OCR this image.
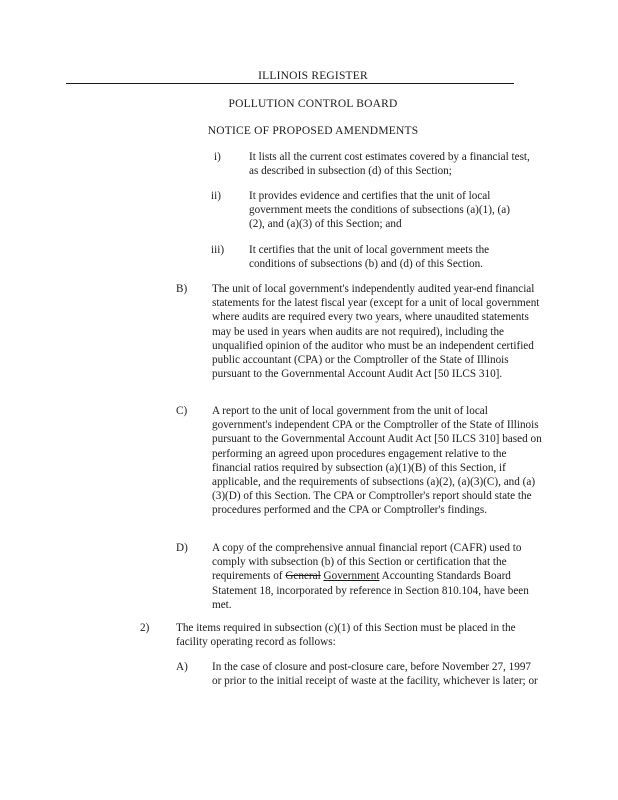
ILLINOIS REGISTER
POLLUTION CONTROL BOARD
NOTICE OF PROPOSED AMENDMENTS
i)	It lists all the current cost estimates covered by a financial test, as described in subsection (d) of this Section;

ii)	It provides evidence and certifies that the unit of local government meets the conditions of subsections (a)(1), (a)(2), and (a)(3) of this Section; and

iii) It certifies that the unit of local government meets the conditions of subsections (b) and (d) of this Section.

B) The unit of local government's independently audited year-end financial statements for the latest fiscal year (except for a unit of local government where audits are required every two years, where unaudited statements may be used in years when audits are not required), including the unqualified opinion of the auditor who must be an independent certified public accountant (CPA) or the Comptroller of the State of Illinois pursuant to the Governmental Account Audit Act [50 ILCS 310].

C) A report to the unit of local government from the unit of local government's independent CPA or the Comptroller of the State of Illinois pursuant to the Governmental Account Audit Act [50 ILCS 310] based on performing an agreed upon procedures engagement relative to the financial ratios required by subsection (a)(1)(B) of this Section, if applicable, and the requirements of subsections (a)(2), (a)(3)(C), and (a)(3)(D) of this Section. The CPA or Comptroller's report should state the procedures performed and the CPA or Comptroller's findings.

D) A copy of the comprehensive annual financial report (CAFR) used to comply with subsection (b) of this Section or certification that the requirements of General Government Accounting Standards Board Statement 18, incorporated by reference in Section 810.104, have been met.

2) The items required in subsection (c)(1) of this Section must be placed in the facility operating record as follows:

A) In the case of closure and post-closure care, before November 27, 1997 or prior to the initial receipt of waste at the facility, whichever is later; or
